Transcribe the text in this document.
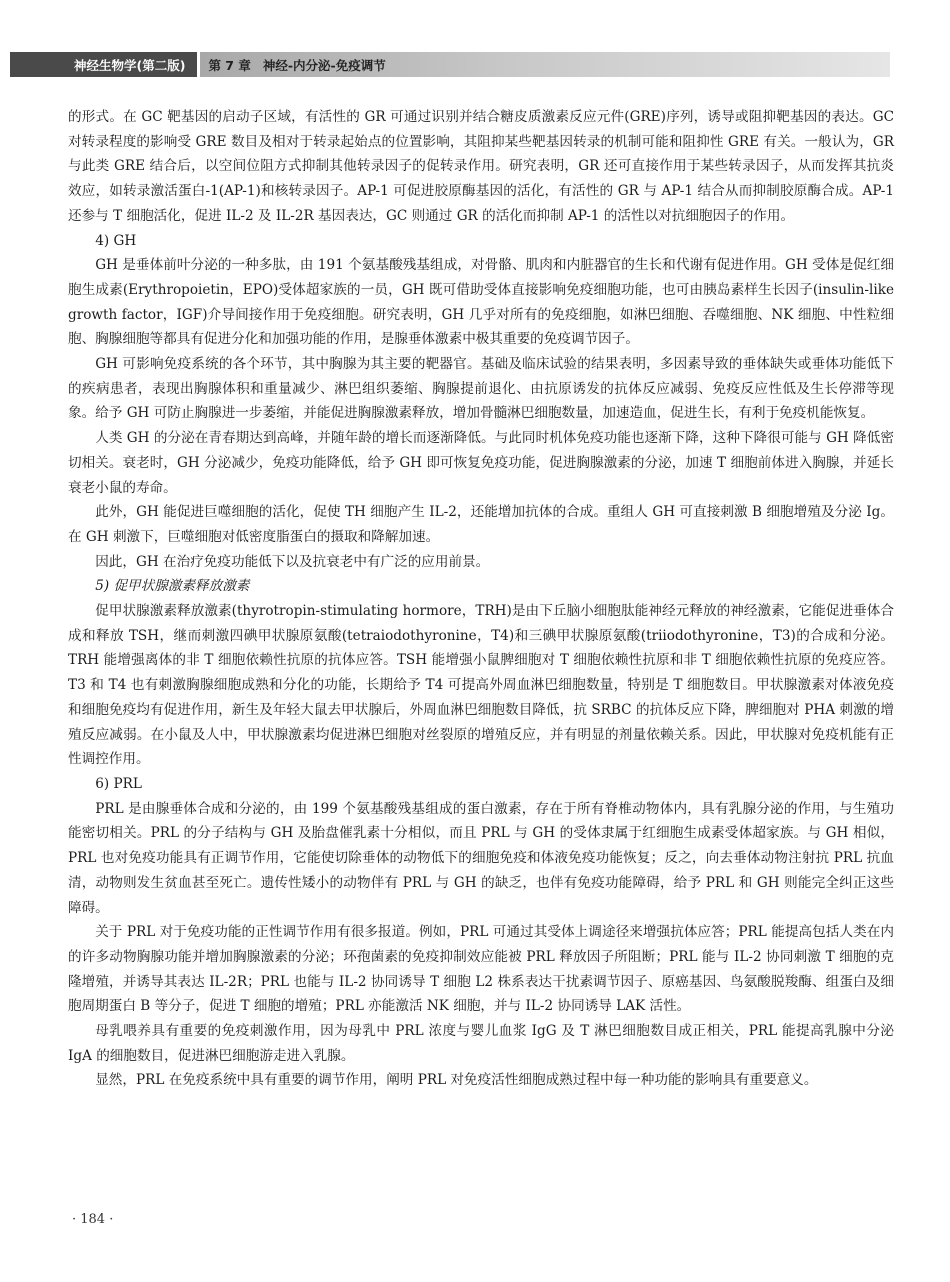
神经生物学(第二版)	第 7 章 神经-内分泌-免疫调节

的形式。在 GC 靶基因的启动子区域，有活性的 GR 可通过识别并结合糖皮质激素反应元件(GRE)序列，诱导或阻抑靶基因的表达。GC 对转录程度的影响受 GRE 数目及相对于转录起始点的位置影响，其阻抑某些靶基因转录的机制可能和阻抑性 GRE 有关。一般认为，GR 与此类 GRE 结合后，以空间位阻方式抑制其他转录因子的促转录作用。研究表明，GR 还可直接作用于某些转录因子，从而发挥其抗炎效应，如转录激活蛋白-1(AP-1)和核转录因子。AP-1 可促进胶原酶基因的活化，有活性的 GR 与 AP-1 结合从而抑制胶原酶合成。AP-1 还参与 T 细胞活化，促进 IL-2 及 IL-2R 基因表达，GC 则通过 GR 的活化而抑制 AP-1 的活性以对抗细胞因子的作用。

4) GH

GH 是垂体前叶分泌的一种多肽，由 191 个氨基酸残基组成，对骨骼、肌肉和内脏器官的生长和代谢有促进作用。GH 受体是促红细胞生成素(Erythropoietin，EPO)受体超家族的一员，GH 既可借助受体直接影响免疫细胞功能，也可由胰岛素样生长因子(insulin-like growth factor，IGF)介导间接作用于免疫细胞。研究表明，GH 几乎对所有的免疫细胞，如淋巴细胞、吞噬细胞、NK 细胞、中性粒细胞、胸腺细胞等都具有促进分化和加强功能的作用，是腺垂体激素中极其重要的免疫调节因子。

GH 可影响免疫系统的各个环节，其中胸腺为其主要的靶器官。基础及临床试验的结果表明，多因素导致的垂体缺失或垂体功能低下的疾病患者，表现出胸腺体积和重量减少、淋巴组织萎缩、胸腺提前退化、由抗原诱发的抗体反应减弱、免疫反应性低及生长停滞等现象。给予 GH 可防止胸腺进一步萎缩，并能促进胸腺激素释放，增加骨髓淋巴细胞数量，加速造血，促进生长，有利于免疫机能恢复。

人类 GH 的分泌在青春期达到高峰，并随年龄的增长而逐渐降低。与此同时机体免疫功能也逐渐下降，这种下降很可能与 GH 降低密切相关。衰老时，GH 分泌减少，免疫功能降低，给予 GH 即可恢复免疫功能，促进胸腺激素的分泌，加速 T 细胞前体进入胸腺，并延长衰老小鼠的寿命。

此外，GH 能促进巨噬细胞的活化，促使 TH 细胞产生 IL-2，还能增加抗体的合成。重组人 GH 可直接刺激 B 细胞增殖及分泌 Ig。在 GH 刺激下，巨噬细胞对低密度脂蛋白的摄取和降解加速。

因此，GH 在治疗免疫功能低下以及抗衰老中有广泛的应用前景。

5) 促甲状腺激素释放激素

促甲状腺激素释放激素(thyrotropin-stimulating hormore，TRH)是由下丘脑小细胞肽能神经元释放的神经激素，它能促进垂体合成和释放 TSH，继而刺激四碘甲状腺原氨酸(tetraiodothyronine，T4)和三碘甲状腺原氨酸(triiodothyronine，T3)的合成和分泌。TRH 能增强离体的非 T 细胞依赖性抗原的抗体应答。TSH 能增强小鼠脾细胞对 T 细胞依赖性抗原和非 T 细胞依赖性抗原的免疫应答。T3 和 T4 也有刺激胸腺细胞成熟和分化的功能，长期给予 T4 可提高外周血淋巴细胞数量，特别是 T 细胞数目。甲状腺激素对体液免疫和细胞免疫均有促进作用，新生及年轻大鼠去甲状腺后，外周血淋巴细胞数目降低，抗 SRBC 的抗体反应下降，脾细胞对 PHA 刺激的增殖反应减弱。在小鼠及人中，甲状腺激素均促进淋巴细胞对丝裂原的增殖反应，并有明显的剂量依赖关系。因此，甲状腺对免疫机能有正性调控作用。

6) PRL

PRL 是由腺垂体合成和分泌的，由 199 个氨基酸残基组成的蛋白激素，存在于所有脊椎动物体内，具有乳腺分泌的作用，与生殖功能密切相关。PRL 的分子结构与 GH 及胎盘催乳素十分相似，而且 PRL 与 GH 的受体隶属于红细胞生成素受体超家族。与 GH 相似，PRL 也对免疫功能具有正调节作用，它能使切除垂体的动物低下的细胞免疫和体液免疫功能恢复；反之，向去垂体动物注射抗 PRL 抗血清，动物则发生贫血甚至死亡。遗传性矮小的动物伴有 PRL 与 GH 的缺乏，也伴有免疫功能障碍，给予 PRL 和 GH 则能完全纠正这些障碍。

关于 PRL 对于免疫功能的正性调节作用有很多报道。例如，PRL 可通过其受体上调途径来增强抗体应答；PRL 能提高包括人类在内的许多动物胸腺功能并增加胸腺激素的分泌；环孢菌素的免疫抑制效应能被 PRL 释放因子所阻断；PRL 能与 IL-2 协同刺激 T 细胞的克隆增殖，并诱导其表达 IL-2R；PRL 也能与 IL-2 协同诱导 T 细胞 L2 株系表达干扰素调节因子、原癌基因、鸟氨酸脱羧酶、组蛋白及细胞周期蛋白 B 等分子，促进 T 细胞的增殖；PRL 亦能激活 NK 细胞，并与 IL-2 协同诱导 LAK 活性。

母乳喂养具有重要的免疫刺激作用，因为母乳中 PRL 浓度与婴儿血浆 IgG 及 T 淋巴细胞数目成正相关，PRL 能提高乳腺中分泌 IgA 的细胞数目，促进淋巴细胞游走进入乳腺。

显然，PRL 在免疫系统中具有重要的调节作用，阐明 PRL 对免疫活性细胞成熟过程中每一种功能的影响具有重要意义。

· 184 ·
